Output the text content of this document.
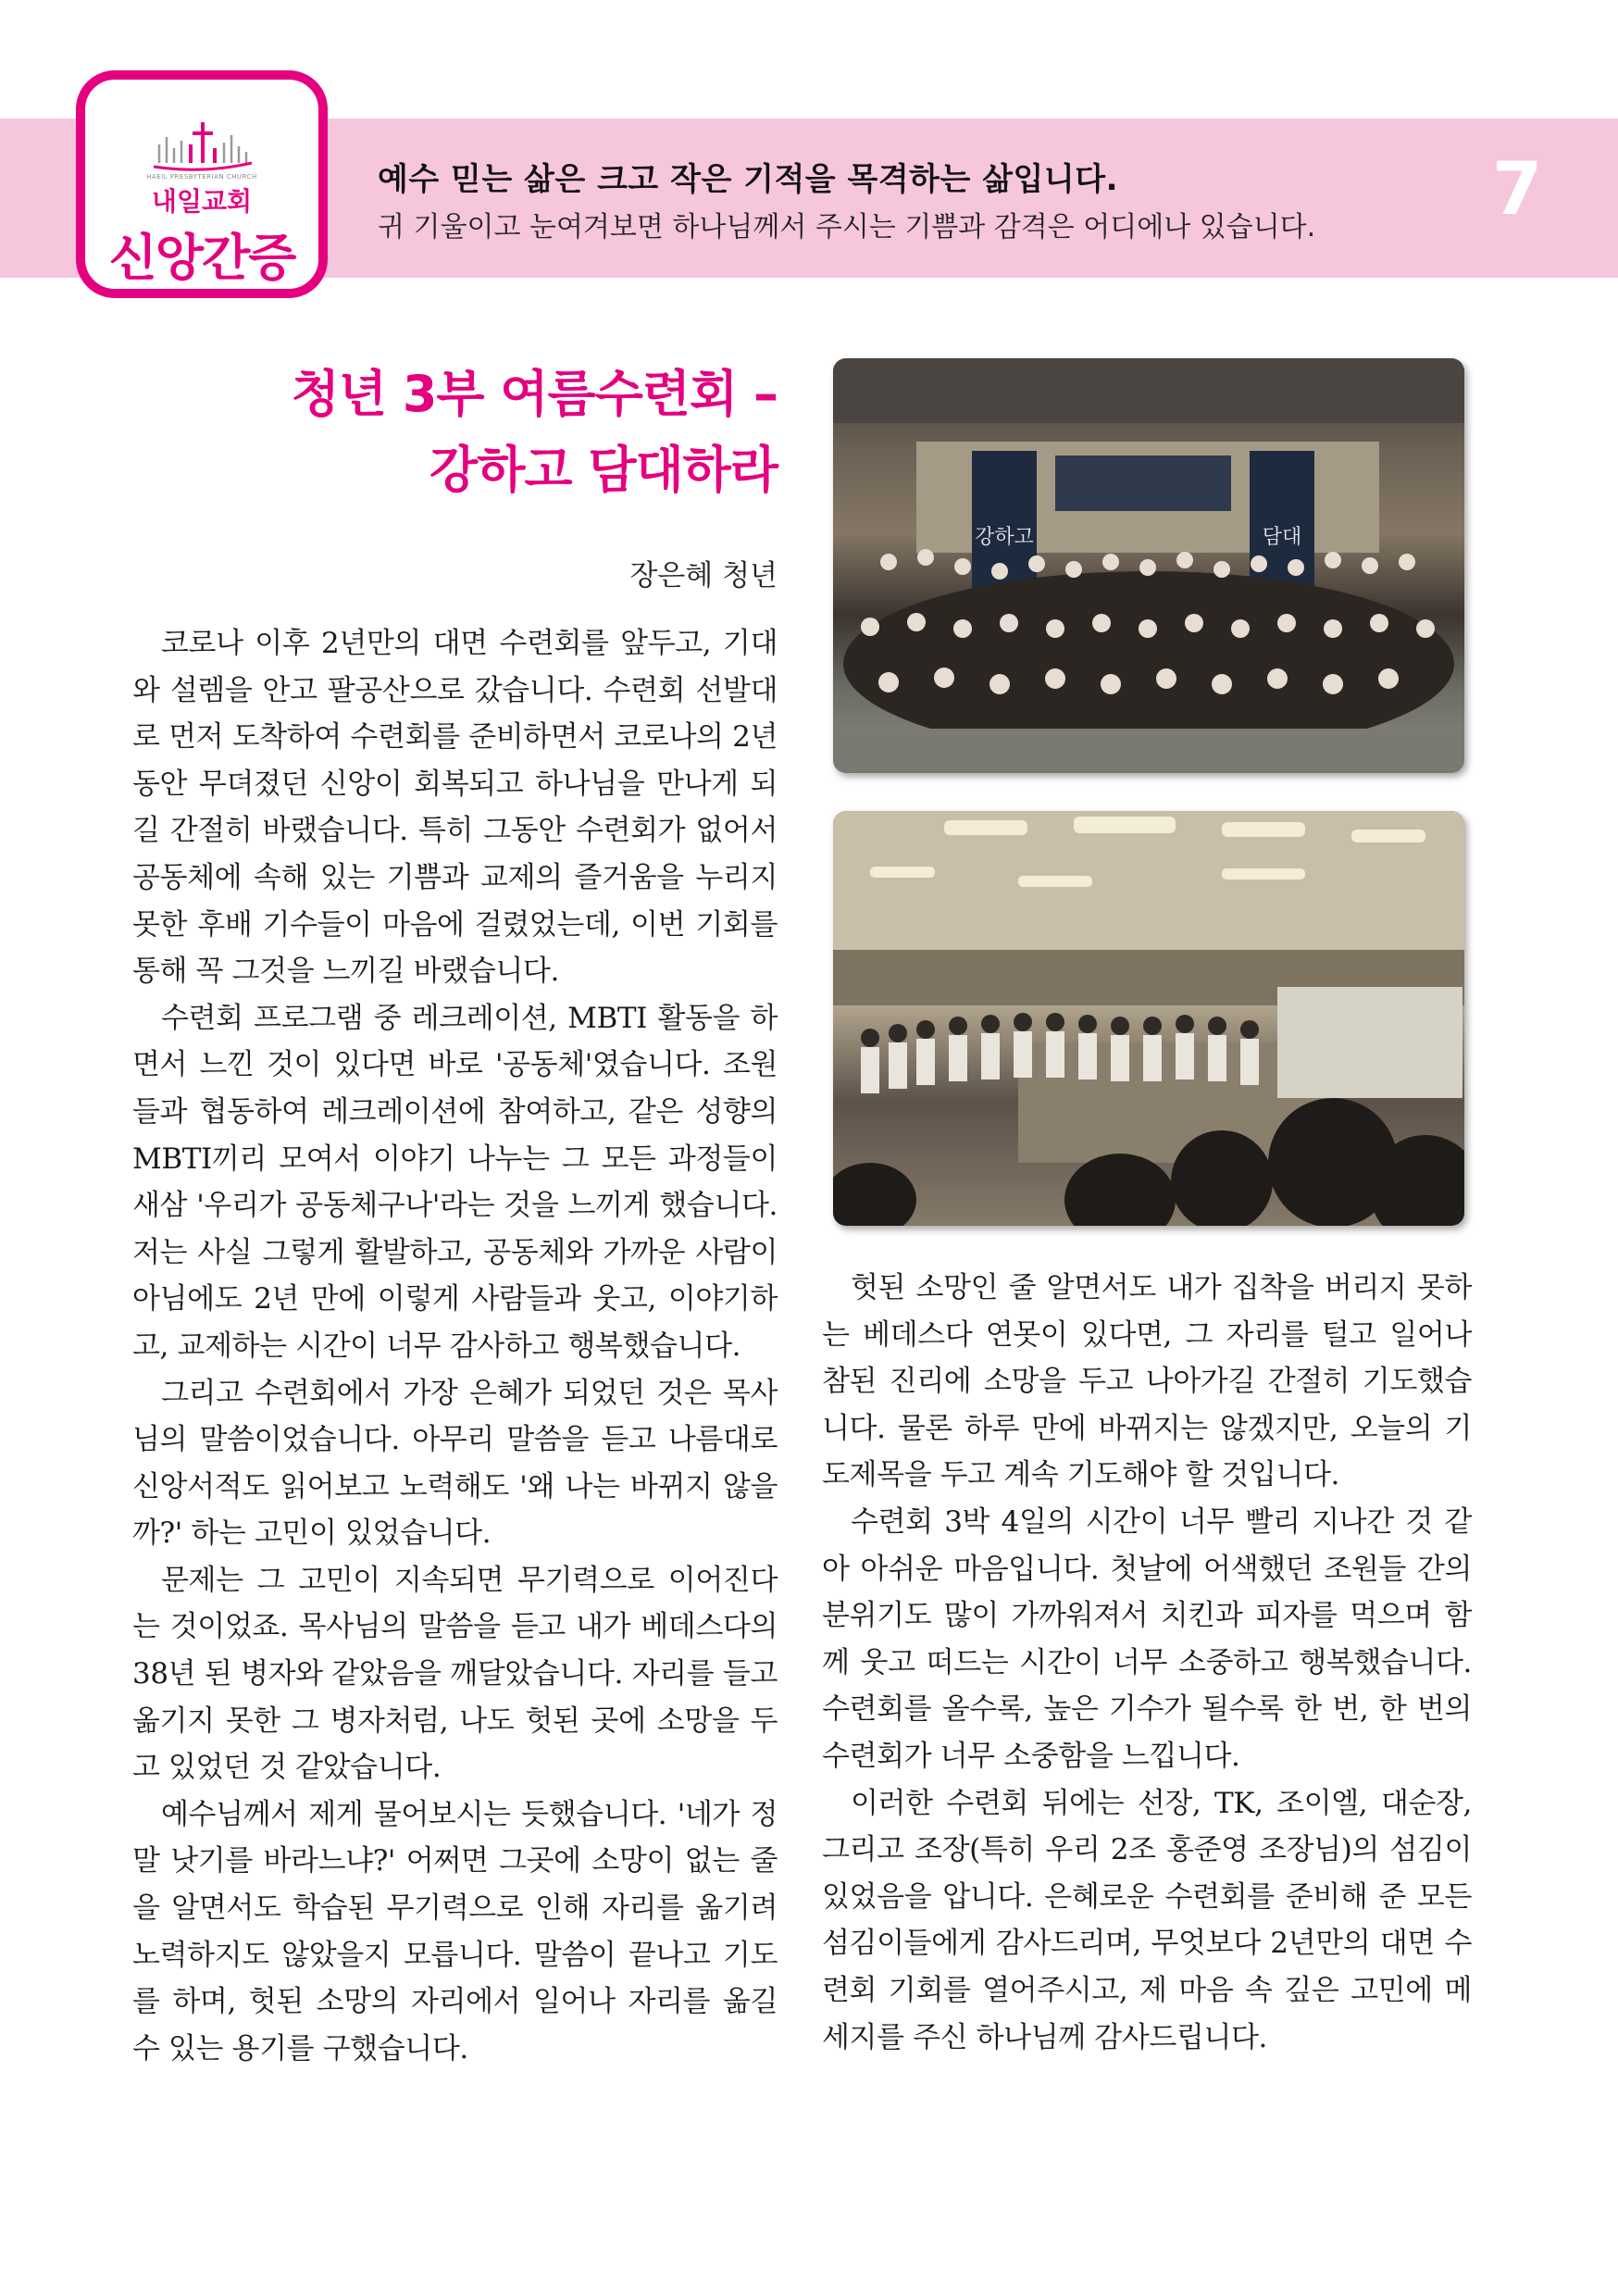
HAEIL PRESBYTERIAN CHURCH
내일교회
신앙간증
예수 믿는 삶은 크고 작은 기적을 목격하는 삶입니다.
귀 기울이고 눈여겨보면 하나님께서 주시는 기쁨과 감격은 어디에나 있습니다. 7
청년 3부 여름수련회 –
강하고 담대하라
장은혜 청년

코로나 이후 2년만의 대면 수련회를 앞두고, 기대와 설렘을 안고 팔공산으로 갔습니다. 수련회 선발대로 먼저 도착하여 수련회를 준비하면서 코로나의 2년 동안 무뎌졌던 신앙이 회복되고 하나님을 만나게 되길 간절히 바랬습니다. 특히 그동안 수련회가 없어서 공동체에 속해 있는 기쁨과 교제의 즐거움을 누리지 못한 후배 기수들이 마음에 걸렸었는데, 이번 기회를 통해 꼭 그것을 느끼길 바랬습니다.

수련회 프로그램 중 레크레이션, MBTI 활동을 하면서 느낀 것이 있다면 바로 '공동체'였습니다. 조원들과 협동하여 레크레이션에 참여하고, 같은 성향의 MBTI끼리 모여서 이야기 나누는 그 모든 과정들이 새삼 '우리가 공동체구나'라는 것을 느끼게 했습니다. 저는 사실 그렇게 활발하고, 공동체와 가까운 사람이 아님에도 2년 만에 이렇게 사람들과 웃고, 이야기하고, 교제하는 시간이 너무 감사하고 행복했습니다.

그리고 수련회에서 가장 은혜가 되었던 것은 목사님의 말씀이었습니다. 아무리 말씀을 듣고 나름대로 신앙서적도 읽어보고 노력해도 '왜 나는 바뀌지 않을까?' 하는 고민이 있었습니다.

문제는 그 고민이 지속되면 무기력으로 이어진다는 것이었죠. 목사님의 말씀을 듣고 내가 베데스다의 38년 된 병자와 같았음을 깨달았습니다. 자리를 들고 옮기지 못한 그 병자처럼, 나도 헛된 곳에 소망을 두고 있었던 것 같았습니다.

예수님께서 제게 물어보시는 듯했습니다. '네가 정말 낫기를 바라느냐?' 어쩌면 그곳에 소망이 없는 줄을 알면서도 학습된 무기력으로 인해 자리를 옮기려 노력하지도 않았을지 모릅니다. 말씀이 끝나고 기도를 하며, 헛된 소망의 자리에서 일어나 자리를 옮길 수 있는 용기를 구했습니다.

강하고	담대

헛된 소망인 줄 알면서도 내가 집착을 버리지 못하는 베데스다 연못이 있다면, 그 자리를 털고 일어나 참된 진리에 소망을 두고 나아가길 간절히 기도했습니다. 물론 하루 만에 바뀌지는 않겠지만, 오늘의 기도제목을 두고 계속 기도해야 할 것입니다.

수련회 3박 4일의 시간이 너무 빨리 지나간 것 같아 아쉬운 마음입니다. 첫날에 어색했던 조원들 간의 분위기도 많이 가까워져서 치킨과 피자를 먹으며 함께 웃고 떠드는 시간이 너무 소중하고 행복했습니다. 수련회를 올수록, 높은 기수가 될수록 한 번, 한 번의 수련회가 너무 소중함을 느낍니다.

이러한 수련회 뒤에는 선장, TK, 조이엘, 대순장, 그리고 조장(특히 우리 2조 홍준영 조장님)의 섬김이 있었음을 압니다. 은혜로운 수련회를 준비해 준 모든 섬김이들에게 감사드리며, 무엇보다 2년만의 대면 수련회 기회를 열어주시고, 제 마음 속 깊은 고민에 메세지를 주신 하나님께 감사드립니다.
